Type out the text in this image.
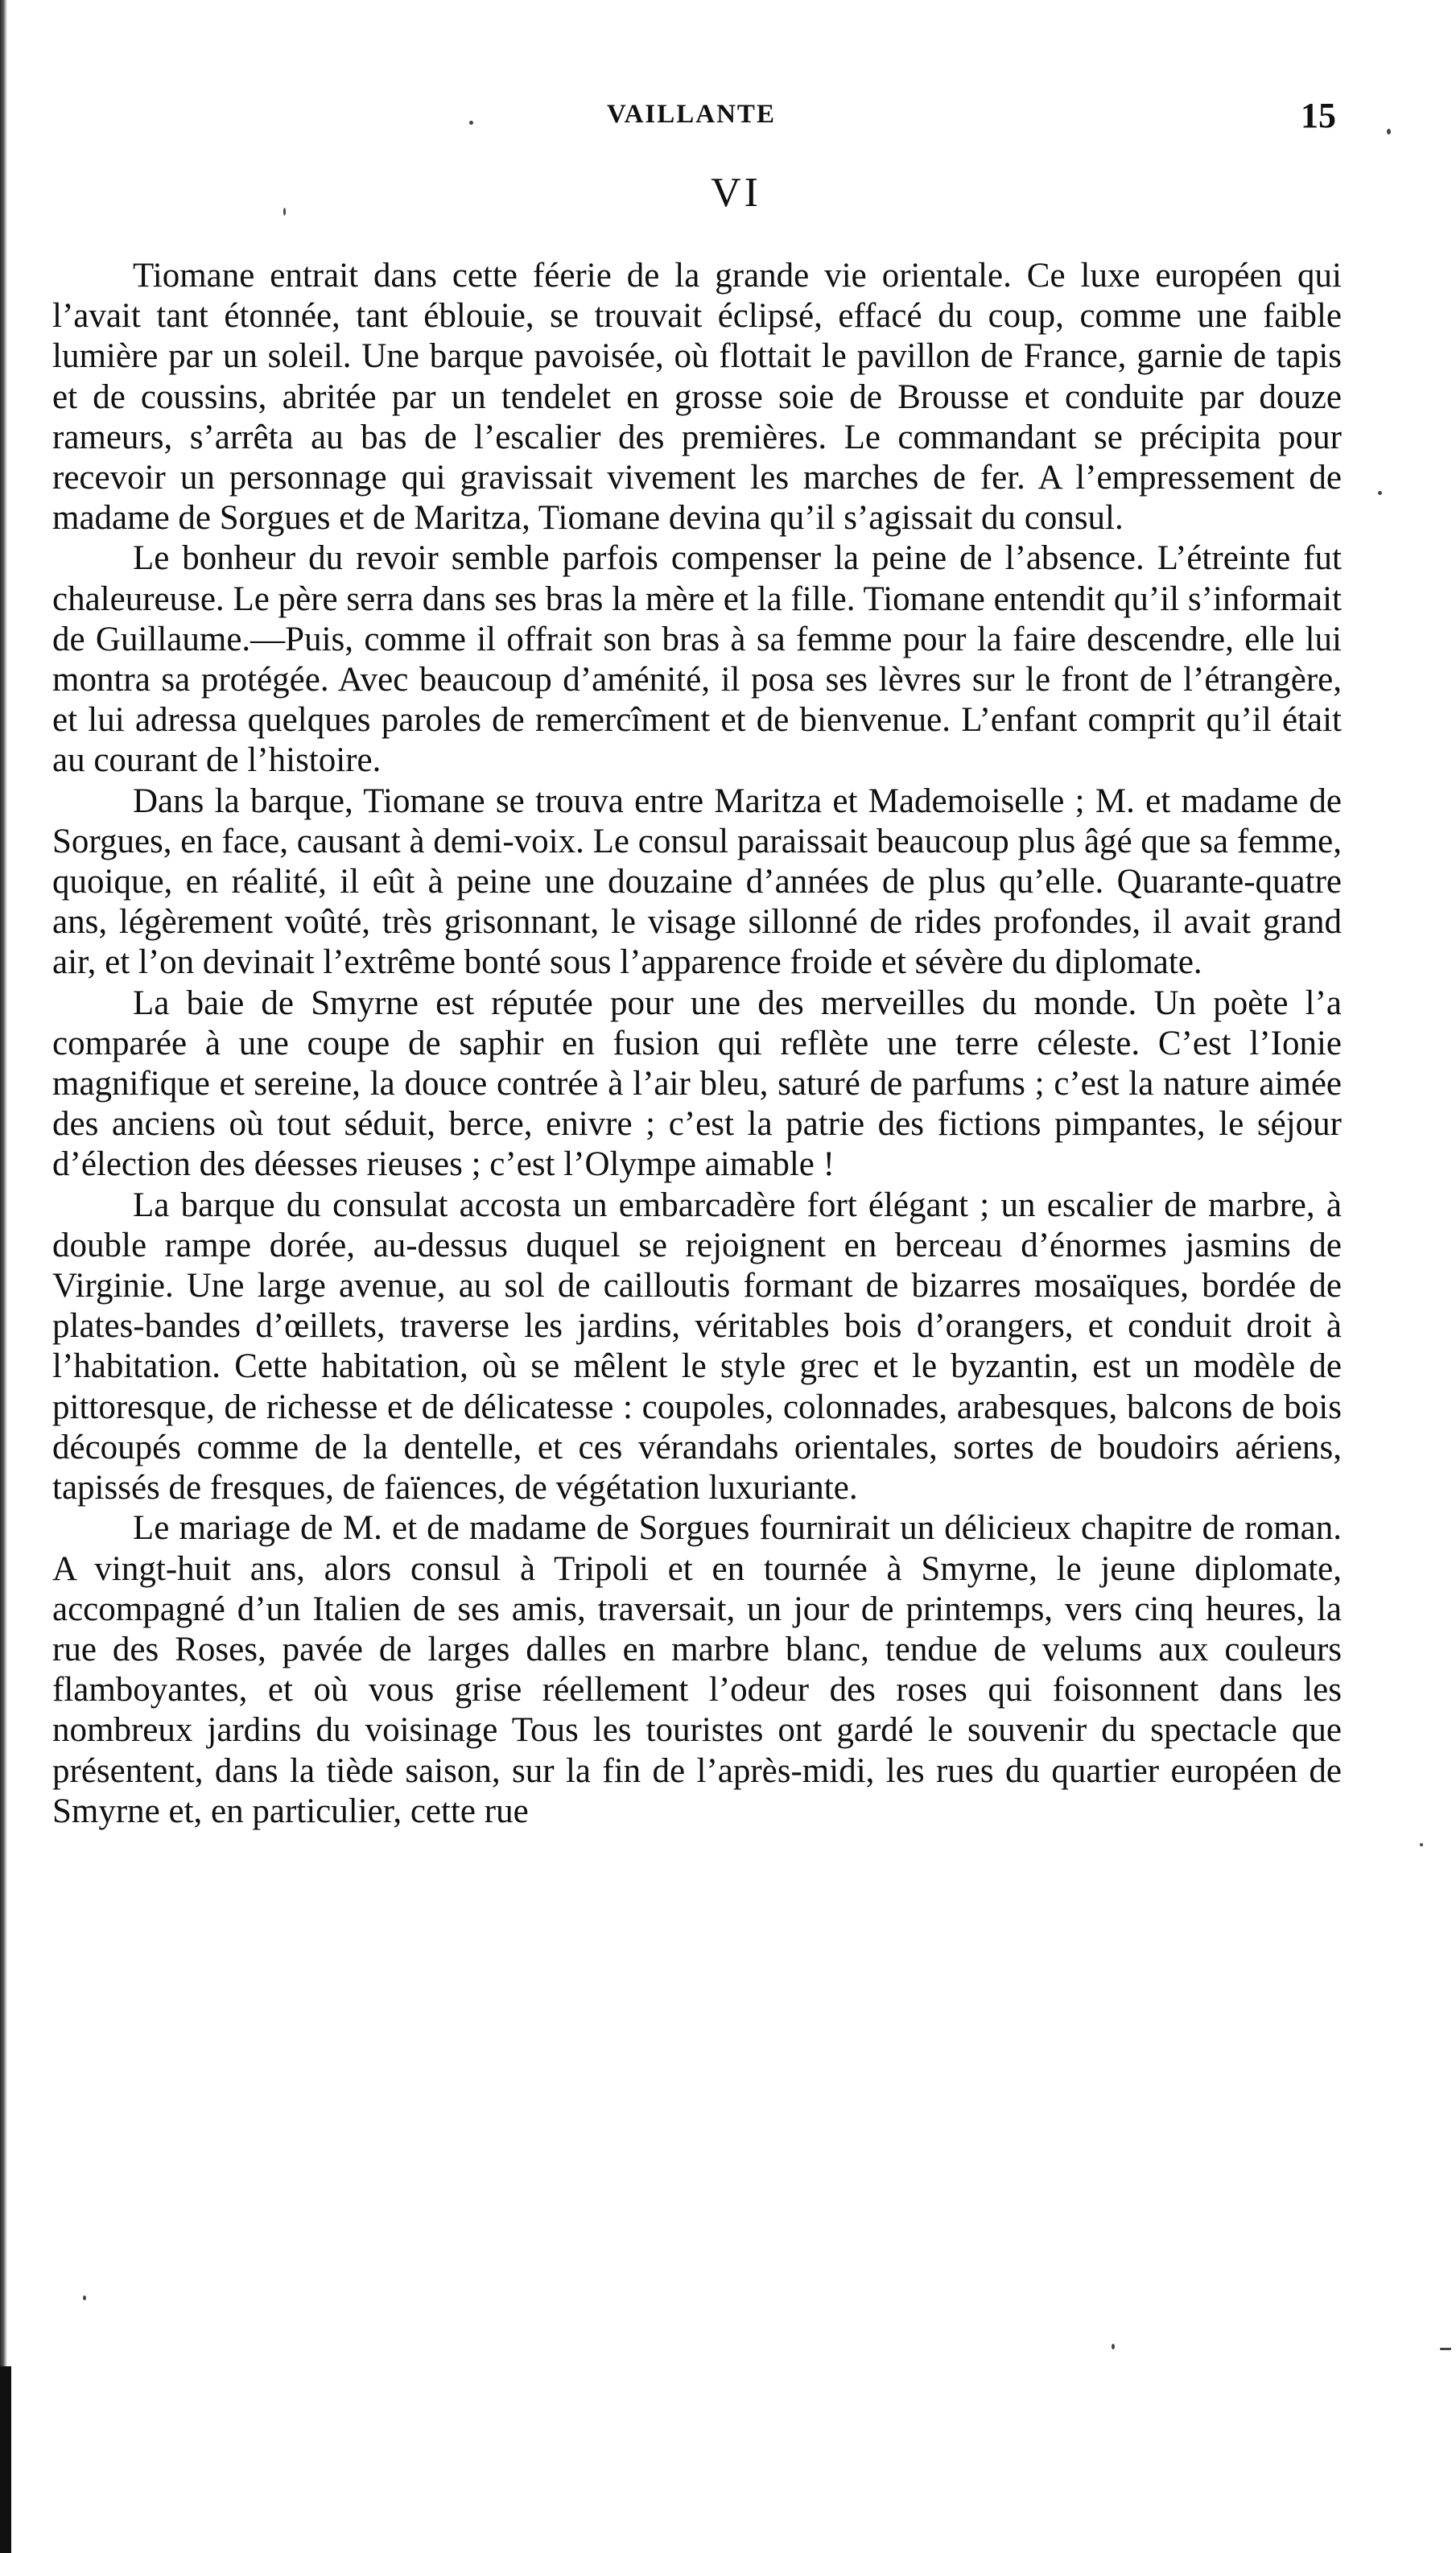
VAILLANTE	15
VI

Tiomane entrait dans cette féerie de la grande vie orientale. Ce luxe européen qui l’avait tant étonnée, tant éblouie, se trouvait éclipsé, effacé du coup, comme une faible lumière par un soleil. Une barque pavoisée, où flottait le pavillon de France, garnie de tapis et de coussins, abritée par un tendelet en grosse soie de Brousse et conduite par douze rameurs, s’arrêta au bas de l’escalier des premières. Le commandant se précipita pour recevoir un personnage qui gravissait vivement les marches de fer. A l’empressement de madame de Sorgues et de Maritza, Tiomane devina qu’il s’agissait du consul.

Le bonheur du revoir semble parfois compenser la peine de l’absence. L’étreinte fut chaleureuse. Le père serra dans ses bras la mère et la fille. Tiomane entendit qu’il s’informait de Guillaume.—Puis, comme il offrait son bras à sa femme pour la faire descendre, elle lui montra sa protégée. Avec beaucoup d’aménité, il posa ses lèvres sur le front de l’étrangère, et lui adressa quelques paroles de remercîment et de bienvenue. L’enfant comprit qu’il était au courant de l’histoire.

Dans la barque, Tiomane se trouva entre Maritza et Mademoiselle ; M. et madame de Sorgues, en face, causant à demi-voix. Le consul paraissait beaucoup plus âgé que sa femme, quoique, en réalité, il eût à peine une douzaine d’années de plus qu’elle. Quarante-quatre ans, légèrement voûté, très grisonnant, le visage sillonné de rides profondes, il avait grand air, et l’on devinait l’extrême bonté sous l’apparence froide et sévère du diplomate.

La baie de Smyrne est réputée pour une des merveilles du monde. Un poète l’a comparée à une coupe de saphir en fusion qui reflète une terre céleste. C’est l’Ionie magnifique et sereine, la douce contrée à l’air bleu, saturé de parfums ; c’est la nature aimée des anciens où tout séduit, berce, enivre ; c’est la patrie des fictions pimpantes, le séjour d’élection des déesses rieuses ; c’est l’Olympe aimable !

La barque du consulat accosta un embarcadère fort élégant ; un escalier de marbre, à double rampe dorée, au-dessus duquel se rejoignent en berceau d’énormes jasmins de Virginie. Une large avenue, au sol de cailloutis formant de bizarres mosaïques, bordée de plates-bandes d’œillets, traverse les jardins, véritables bois d’orangers, et conduit droit à l’habitation. Cette habitation, où se mêlent le style grec et le byzantin, est un modèle de pittoresque, de richesse et de délicatesse : coupoles, colonnades, arabesques, balcons de bois découpés comme de la dentelle, et ces vérandahs orientales, sortes de boudoirs aériens, tapissés de fresques, de faïences, de végétation luxuriante.

Le mariage de M. et de madame de Sorgues fournirait un délicieux chapitre de roman. A vingt-huit ans, alors consul à Tripoli et en tournée à Smyrne, le jeune diplomate, accompagné d’un Italien de ses amis, traversait, un jour de printemps, vers cinq heures, la rue des Roses, pavée de larges dalles en marbre blanc, tendue de velums aux couleurs flamboyantes, et où vous grise réellement l’odeur des roses qui foisonnent dans les nombreux jardins du voisinage Tous les touristes ont gardé le souvenir du spectacle que présentent, dans la tiède saison, sur la fin de l’après-midi, les rues du quartier européen de Smyrne et, en particulier, cette rue
